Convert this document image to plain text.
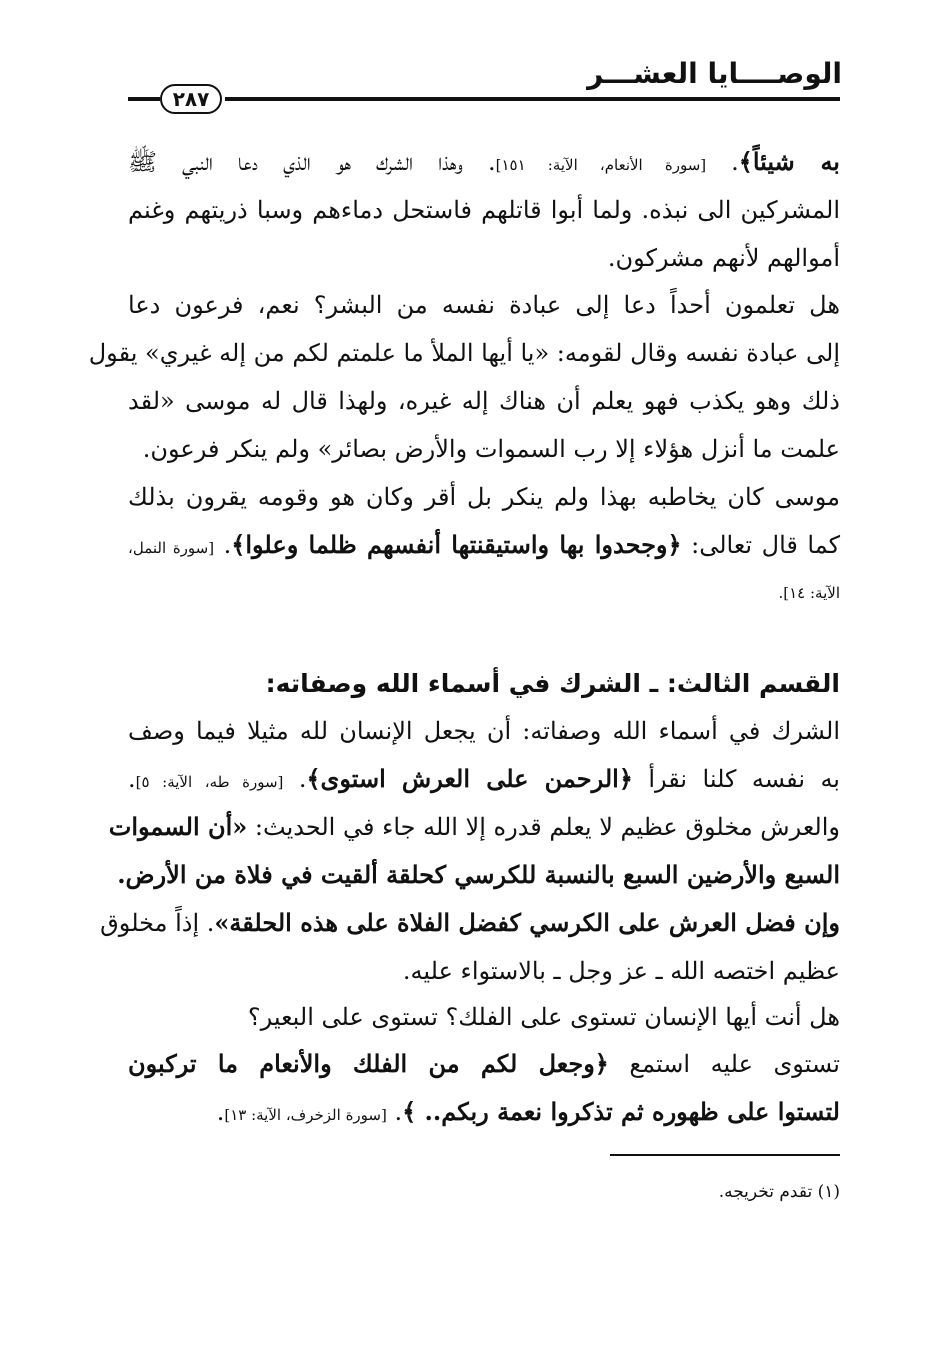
الوصــــايا العشـــر
٢٨٧
به شيئاً﴾. [سورة الأنعام، الآية: ١٥١]. وهذا الشرك هو الذي دعا النبي ﷺ
المشركين الى نبذه. ولما أبوا قاتلهم فاستحل دماءهم وسبا ذريتهم وغنم
أموالهم لأنهم مشركون.
هل تعلمون أحداً دعا إلى عبادة نفسه من البشر؟ نعم، فرعون دعا
إلى عبادة نفسه وقال لقومه: «يا أيها الملأ ما علمتم لكم من إله غيري» يقول
ذلك وهو يكذب فهو يعلم أن هناك إله غيره، ولهذا قال له موسى «لقد
علمت ما أنزل هؤلاء إلا رب السموات والأرض بصائر» ولم ينكر فرعون.
موسى كان يخاطبه بهذا ولم ينكر بل أقر وكان هو وقومه يقرون بذلك
كما قال تعالى: ﴿وجحدوا بها واستيقنتها أنفسهم ظلما وعلوا﴾. [سورة النمل،
الآية: ١٤].
القسم الثالث: ـ الشرك في أسماء الله وصفاته:
الشرك في أسماء الله وصفاته: أن يجعل الإنسان لله مثيلا فيما وصف
به نفسه كلنا نقرأ ﴿الرحمن على العرش استوى﴾. [سورة طه، الآية: ٥].
والعرش مخلوق عظيم لا يعلم قدره إلا الله جاء في الحديث: «أن السموات
السبع والأرضين السبع بالنسبة للكرسي كحلقة ألقيت في فلاة من الأرض.
وإن فضل العرش على الكرسي كفضل الفلاة على هذه الحلقة». إذاً مخلوق
عظيم اختصه الله ـ عز وجل ـ بالاستواء عليه.
هل أنت أيها الإنسان تستوى على الفلك؟ تستوى على البعير؟
تستوى عليه استمع ﴿وجعل لكم من الفلك والأنعام ما تركبون
لتستوا على ظهوره ثم تذكروا نعمة ربكم.. ﴾. [سورة الزخرف، الآية: ١٣].
(١) تقدم تخريجه.
